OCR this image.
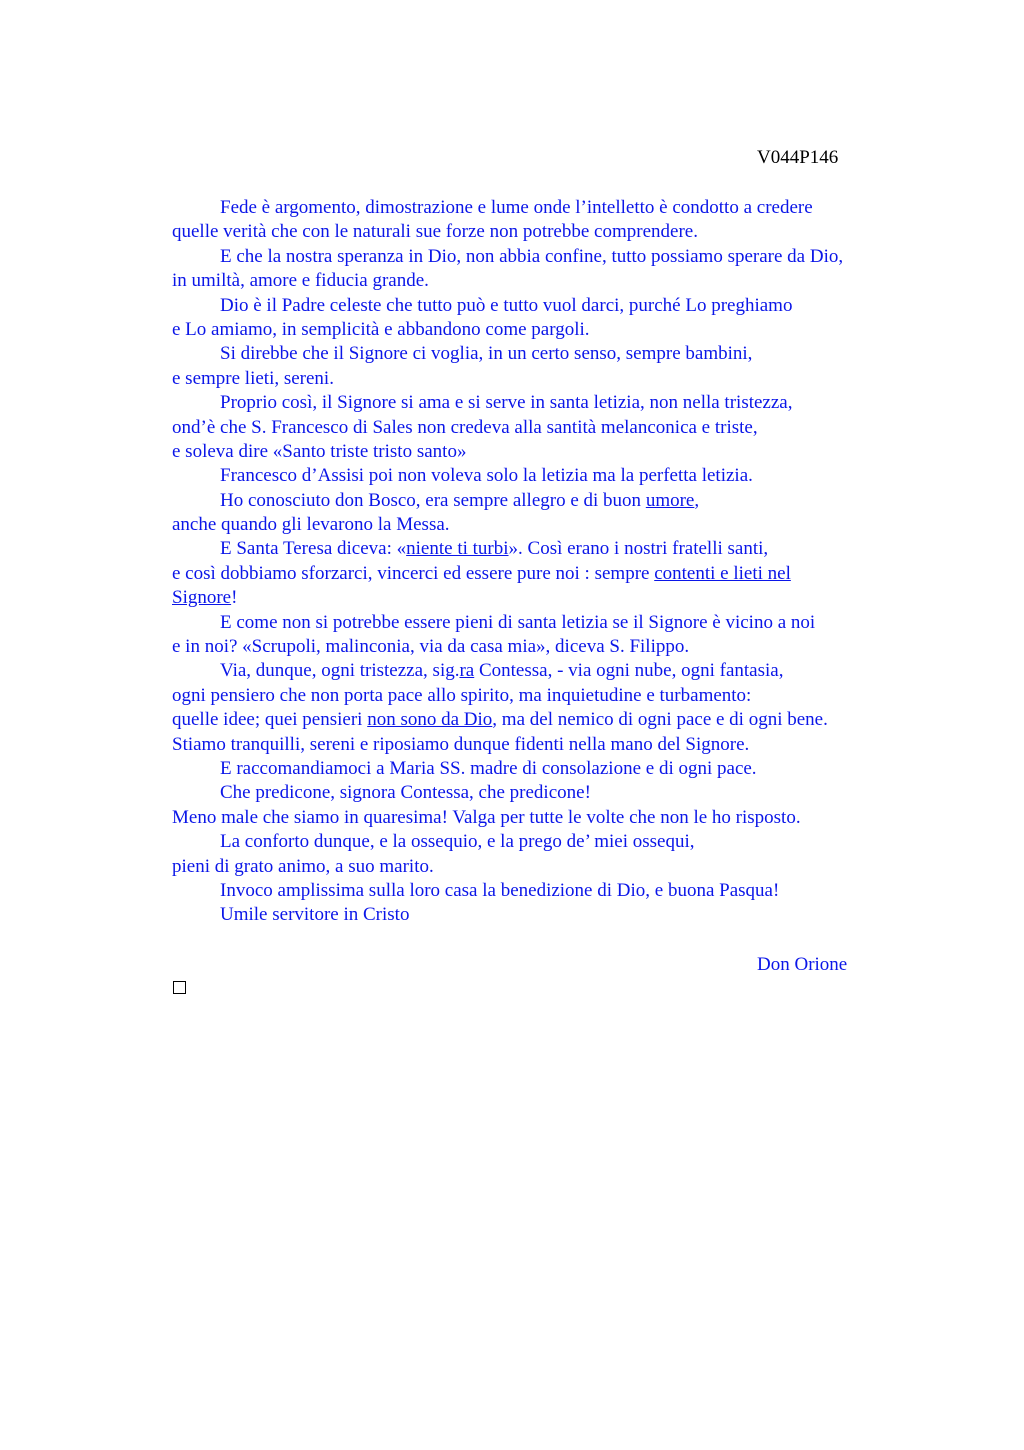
V044P146
Fede è argomento, dimostrazione e lume onde l’intelletto è condotto a credere
quelle verità che con le naturali sue forze non potrebbe comprendere.
E che la nostra speranza in Dio, non abbia confine, tutto possiamo sperare da Dio,
in umiltà, amore e fiducia grande.
Dio è il Padre celeste che tutto può e tutto vuol darci, purché Lo preghiamo
e Lo amiamo, in semplicità e abbandono come pargoli.
Si direbbe che il Signore ci voglia, in un certo senso, sempre bambini,
e sempre lieti, sereni.
Proprio così, il Signore si ama e si serve in santa letizia, non nella tristezza,
ond’è che S. Francesco di Sales non credeva alla santità melanconica e triste,
e soleva dire «Santo triste tristo santo»
Francesco d’Assisi poi non voleva solo la letizia ma la perfetta letizia.
Ho conosciuto don Bosco, era sempre allegro e di buon umore,
anche quando gli levarono la Messa.
E Santa Teresa diceva: «niente ti turbi». Così erano i nostri fratelli santi,
e così dobbiamo sforzarci, vincerci ed essere pure noi : sempre contenti e lieti nel
Signore!
E come non si potrebbe essere pieni di santa letizia se il Signore è vicino a noi
e in noi? «Scrupoli, malinconia, via da casa mia», diceva S. Filippo.
Via, dunque, ogni tristezza, sig.ra Contessa, - via ogni nube, ogni fantasia,
ogni pensiero che non porta pace allo spirito, ma inquietudine e turbamento:
quelle idee; quei pensieri non sono da Dio, ma del nemico di ogni pace e di ogni bene.
Stiamo tranquilli, sereni e riposiamo dunque fidenti nella mano del Signore.
E raccomandiamoci a Maria SS. madre di consolazione e di ogni pace.
Che predicone, signora Contessa, che predicone!
Meno male che siamo in quaresima! Valga per tutte le volte che non le ho risposto.
La conforto dunque, e la ossequio, e la prego de’ miei ossequi,
pieni di grato animo, a suo marito.
Invoco amplissima sulla loro casa la benedizione di Dio, e buona Pasqua!
Umile servitore in Cristo
Don Orione
